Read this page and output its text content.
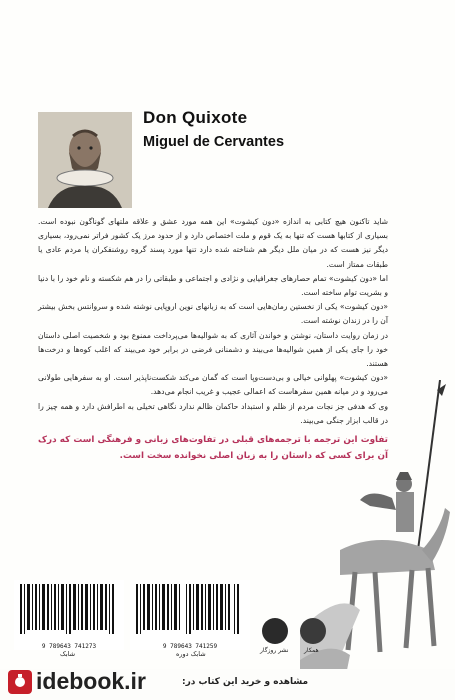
Don Quixote
Miguel de Cervantes

شاید تاکنون هیچ کتابی به اندازه «دون کیشوت» این همه مورد عشق و علاقه ملتهای گوناگون نبوده است. بسیاری از کتابها هست که تنها به یک قوم و ملت اختصاص دارد و از حدود مرز یک کشور فراتر نمی‌رود، بسیاری دیگر نیز هست که در میان ملل دیگر هم شناخته شده دارد تنها مورد پسند گروه روشنفکران یا مردم عادی یا طبقات ممتاز است.

اما «دون کیشوت» تمام حصارهای جغرافیایی و نژادی و اجتماعی و طبقاتی را در هم شکسته و نام خود را با دنیا و بشریت توام ساخته است.

«دون کیشوت» یکی از نخستین رمان‌هایی است که به زبانهای نوین اروپایی نوشته شده و سروانتس بخش بیشتر آن را در زندان نوشته است.

در زمان روایت داستان، نوشتن و خواندن آثاری که به شوالیه‌ها می‌پرداخت ممنوع بود و شخصیت اصلی داستان خود را جای یکی از همین شوالیه‌ها می‌بیند و دشمنانی فرضی در برابر خود می‌بیند که اغلب کوه‌ها و درخت‌ها هستند.

«دون کیشوت» پهلوانی خیالی و بی‌دست‌وپا است که گمان می‌کند شکست‌ناپذیر است. او به سفرهایی طولانی می‌رود و در میانه همین سفرهاست که اعمالی عجیب و غریب انجام می‌دهد.

وی که هدفی جز نجات مردم از ظلم و استبداد حاکمان ظالم ندارد نگاهی تخیلی به اطرافش دارد و همه چیز را در قالب ابزار جنگی می‌بیند.

تفاوت این ترجمه با ترجمه‌های قبلی در تفاوت‌های زبانی و فرهنگی است که درک آن برای کسی که داستان را به زبان اصلی نخوانده سخت است.
9 789643 741273
شابک
9 789643 741259
شابک دوره	نشر روزگار	همکار
idebook.ir	مشاهده و خرید این کتاب در:
